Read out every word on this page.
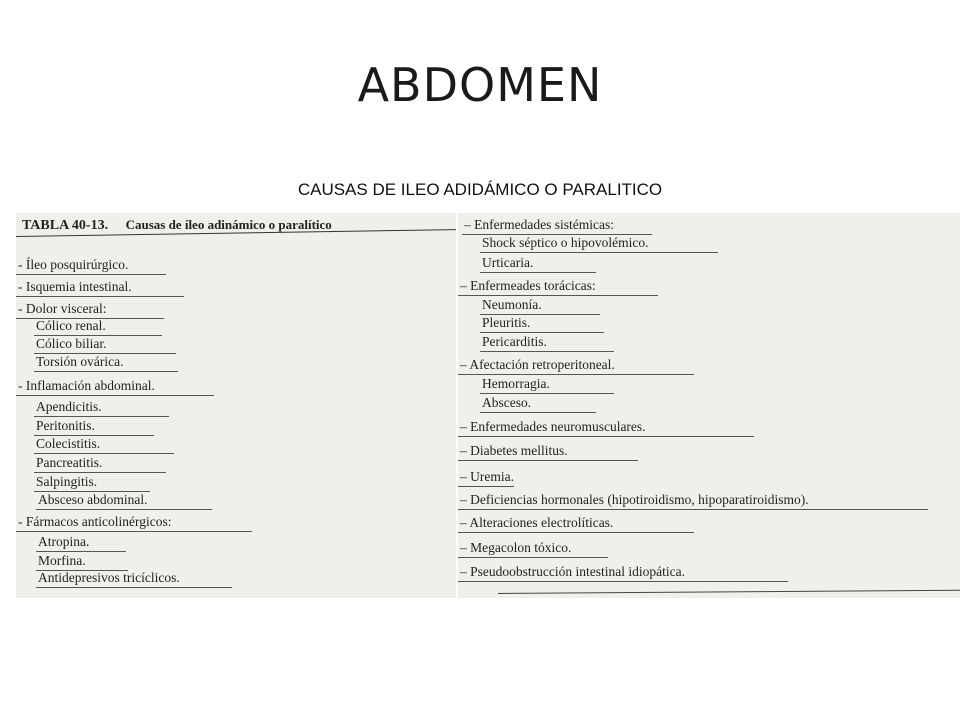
ABDOMEN
CAUSAS DE ILEO ADIDÁMICO O PARALITICO
TABLA 40-13. Causas de íleo adinámico o paralítico
- Íleo posquirúrgico.
- Isquemia intestinal.
- Dolor visceral:
Cólico renal.
Cólico biliar.
Torsión ovárica.
- Inflamación abdominal.
Apendicitis.
Peritonitis.
Colecistitis.
Pancreatitis.
Salpingitis.
Absceso abdominal.
- Fármacos anticolinérgicos:
Atropina.
Morfina.
Antidepresivos tricíclicos.
– Enfermedades sistémicas:
Shock séptico o hipovolémico.
Urticaria.
– Enfermeades torácicas:
Neumonía.
Pleuritis.
Pericarditis.
– Afectación retroperitoneal.
Hemorragia.
Absceso.
– Enfermedades neuromusculares.
– Diabetes mellitus.
– Uremia.
– Deficiencias hormonales (hipotiroidismo, hipoparatiroidismo).
– Alteraciones electrolíticas.
– Megacolon tóxico.
– Pseudoobstrucción intestinal idiopática.
